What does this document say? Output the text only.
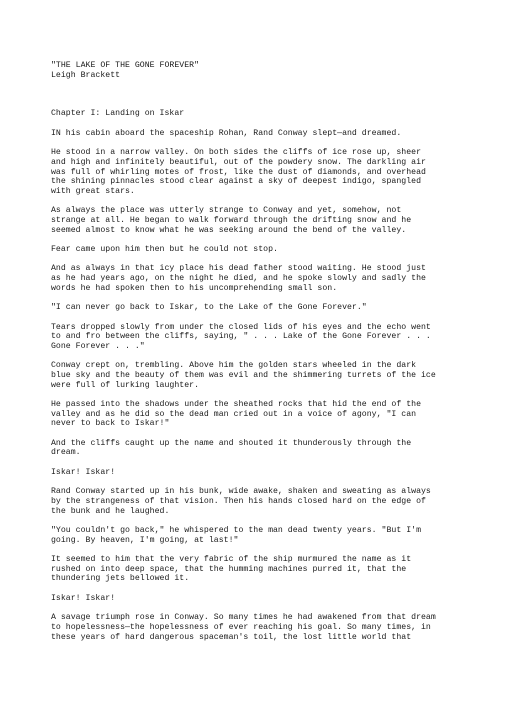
"THE LAKE OF THE GONE FOREVER"
Leigh Brackett
Chapter I: Landing on Iskar
IN his cabin aboard the spaceship Rohan, Rand Conway slept—and dreamed.
He stood in a narrow valley. On both sides the cliffs of ice rose up, sheer
and high and infinitely beautiful, out of the powdery snow. The darkling air
was full of whirling motes of frost, like the dust of diamonds, and overhead
the shining pinnacles stood clear against a sky of deepest indigo, spangled
with great stars.
As always the place was utterly strange to Conway and yet, somehow, not
strange at all. He began to walk forward through the drifting snow and he
seemed almost to know what he was seeking around the bend of the valley.
Fear came upon him then but he could not stop.
And as always in that icy place his dead father stood waiting. He stood just
as he had years ago, on the night he died, and he spoke slowly and sadly the
words he had spoken then to his uncomprehending small son.
"I can never go back to Iskar, to the Lake of the Gone Forever."
Tears dropped slowly from under the closed lids of his eyes and the echo went
to and fro between the cliffs, saying, " . . . Lake of the Gone Forever . . .
Gone Forever . . ."
Conway crept on, trembling. Above him the golden stars wheeled in the dark
blue sky and the beauty of them was evil and the shimmering turrets of the ice
were full of lurking laughter.
He passed into the shadows under the sheathed rocks that hid the end of the
valley and as he did so the dead man cried out in a voice of agony, "I can
never to back to Iskar!"
And the cliffs caught up the name and shouted it thunderously through the
dream.
Iskar! Iskar!
Rand Conway started up in his bunk, wide awake, shaken and sweating as always
by the strangeness of that vision. Then his hands closed hard on the edge of
the bunk and he laughed.
"You couldn't go back," he whispered to the man dead twenty years. "But I'm
going. By heaven, I'm going, at last!"
It seemed to him that the very fabric of the ship murmured the name as it
rushed on into deep space, that the humming machines purred it, that the
thundering jets bellowed it.
Iskar! Iskar!
A savage triumph rose in Conway. So many times he had awakened from that dream
to hopelessness—the hopelessness of ever reaching his goal. So many times, in
these years of hard dangerous spaceman's toil, the lost little world that
